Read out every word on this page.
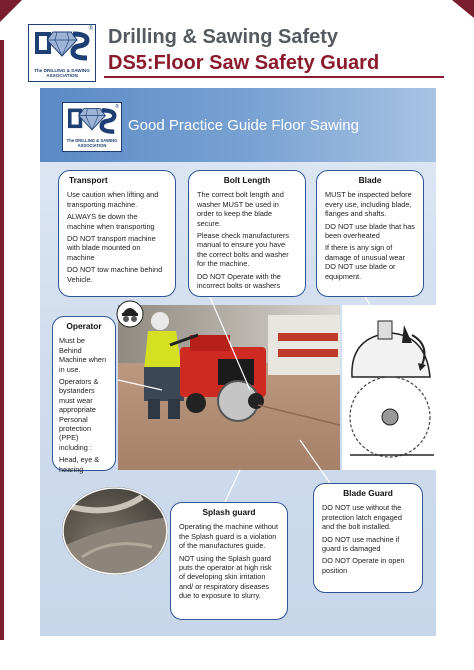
®
The DRILLING & SAWING
ASSOCIATION
Drilling & Sawing Safety
DS5:Floor Saw Safety Guard
®
The DRILLING & SAWING
ASSOCIATION
Good Practice Guide Floor Sawing
Transport

Use caution when lifting and transporting machine.

ALWAYS tie down the machine when transporting

DO NOT transport machine with blade mounted on machine

DO NOT tow machine behind Vehicle.

Bolt Length

The correct bolt length and washer MUST be used in order to keep the blade secure.

Please check manufacturers manual to ensure you have the correct bolts and washer for the machine.

DO NOT Operate with the incorrect bolts or washers

Blade

MUST be inspected before every use, including blade, flanges and shafts.

DO NOT use blade that has been overheated

If there is any sign of damage of unusual wear DO NOT use blade or equipment.

Operator

Must be Behind Machine when in use.

Operators & bystanders must wear appropriate Personal protection (PPE) including :

Head, eye & hearing

Splash guard

Operating the machine without the Splash guard is a violation of the manufactures guide.

NOT using the Splash guard puts the operator at high risk of developing skin irritation and/ or respiratory diseases due to exposure to slurry.

Blade Guard

DO NOT use without the protection latch engaged and the bolt installed.

DO NOT use machine if guard is damaged

DO NOT Operate in open position
